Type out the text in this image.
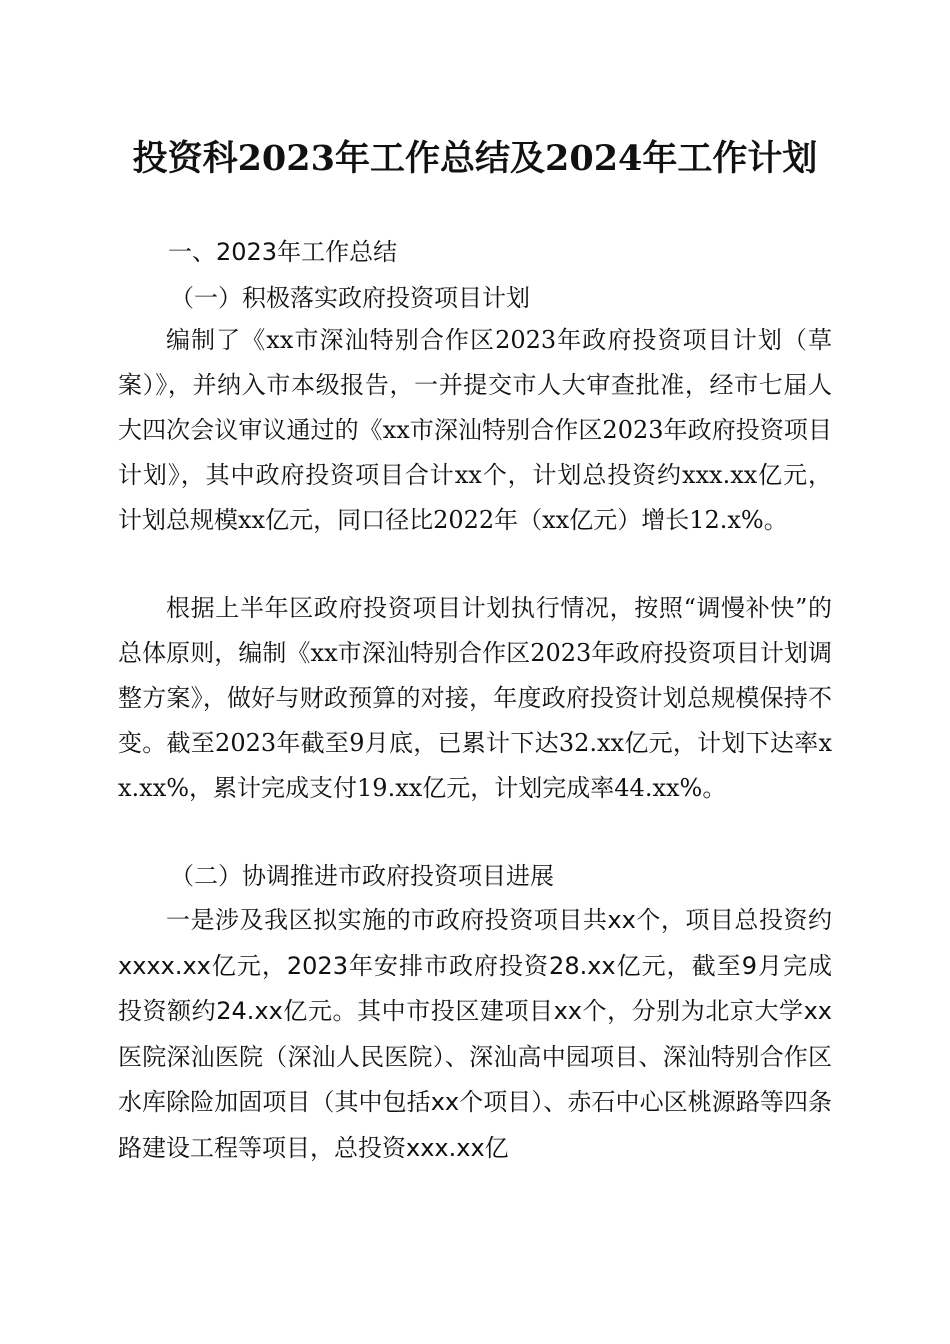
投资科2023年工作总结及2024年工作计划
一、2023年工作总结
（一）积极落实政府投资项目计划
编制了《xx市深汕特别合作区2023年政府投资项目计划（草案）》，并纳入市本级报告，一并提交市人大审查批准，经市七届人大四次会议审议通过的《xx市深汕特别合作区2023年政府投资项目计划》，其中政府投资项目合计xx个，计划总投资约xxx.xx亿元，计划总规模xx亿元，同口径比2022年（xx亿元）增长12.x%。
根据上半年区政府投资项目计划执行情况，按照“调慢补快”的总体原则，编制《xx市深汕特别合作区2023年政府投资项目计划调整方案》，做好与财政预算的对接，年度政府投资计划总规模保持不变。截至2023年截至9月底，已累计下达32.xx亿元，计划下达率xx.xx%，累计完成支付19.xx亿元，计划完成率44.xx%。
（二）协调推进市政府投资项目进展
一是涉及我区拟实施的市政府投资项目共xx个，项目总投资约xxxx.xx亿元，2023年安排市政府投资28.xx亿元，截至9月完成投资额约24.xx亿元。其中市投区建项目xx个，分别为北京大学xx医院深汕医院（深汕人民医院）、深汕高中园项目、深汕特别合作区水库除险加固项目（其中包括xx个项目）、赤石中心区桃源路等四条路建设工程等项目，总投资xxx.xx亿
